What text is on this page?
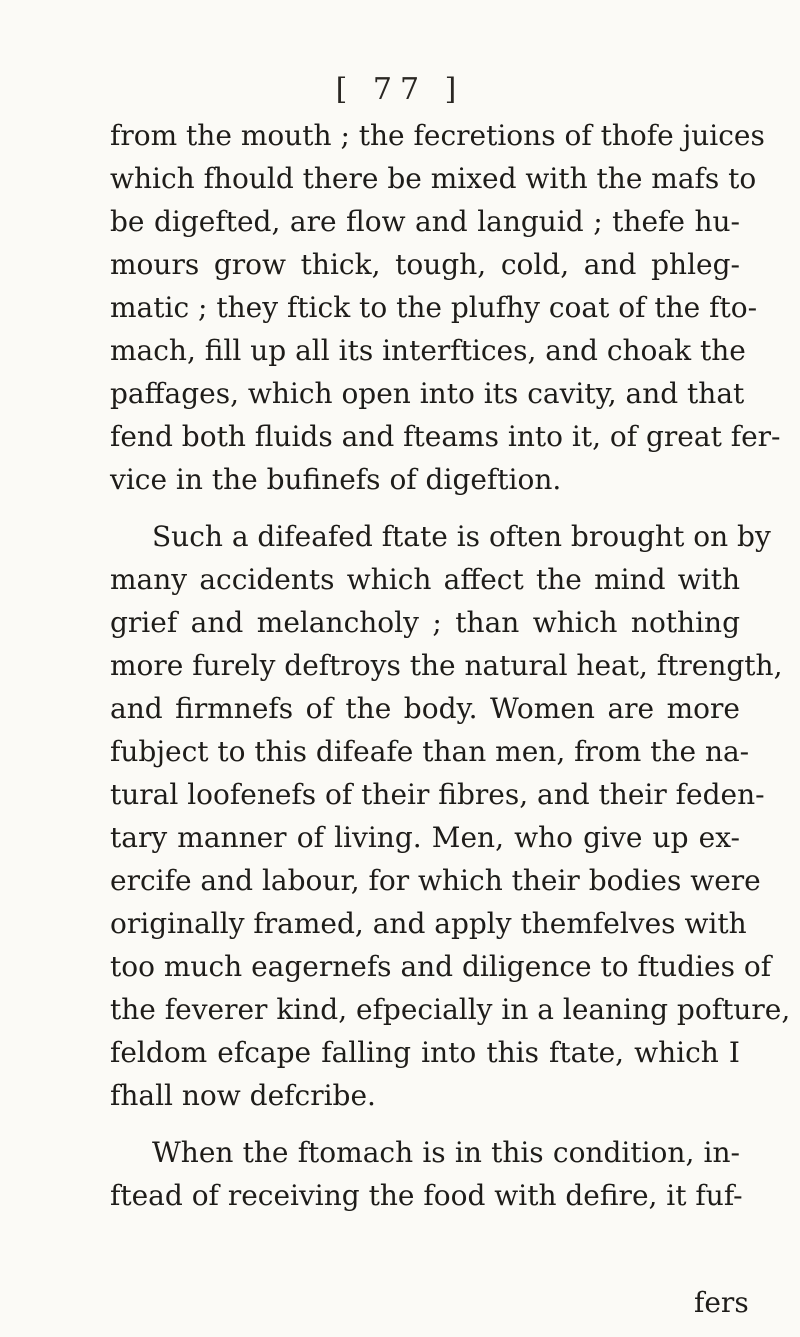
[ 77 ]
from the mouth ; the fecretions of thofe juices
which fhould there be mixed with the mafs to
be digefted, are flow and languid ; thefe hu-
mours grow thick, tough, cold, and phleg-
matic ; they ftick to the plufhy coat of the fto-
mach, fill up all its interftices, and choak the
paffages, which open into its cavity, and that
fend both fluids and fteams into it, of great fer-
vice in the bufinefs of digeftion.
Such a difeafed ftate is often brought on by
many accidents which affect the mind with
grief and melancholy ; than which nothing
more furely deftroys the natural heat, ftrength,
and firmnefs of the body. Women are more
fubject to this difeafe than men, from the na-
tural loofenefs of their fibres, and their feden-
tary manner of living. Men, who give up ex-
ercife and labour, for which their bodies were
originally framed, and apply themfelves with
too much eagernefs and diligence to ftudies of
the feverer kind, efpecially in a leaning pofture,
feldom efcape falling into this ftate, which I
fhall now defcribe.
When the ftomach is in this condition, in-
ftead of receiving the food with defire, it fuf-
fers
